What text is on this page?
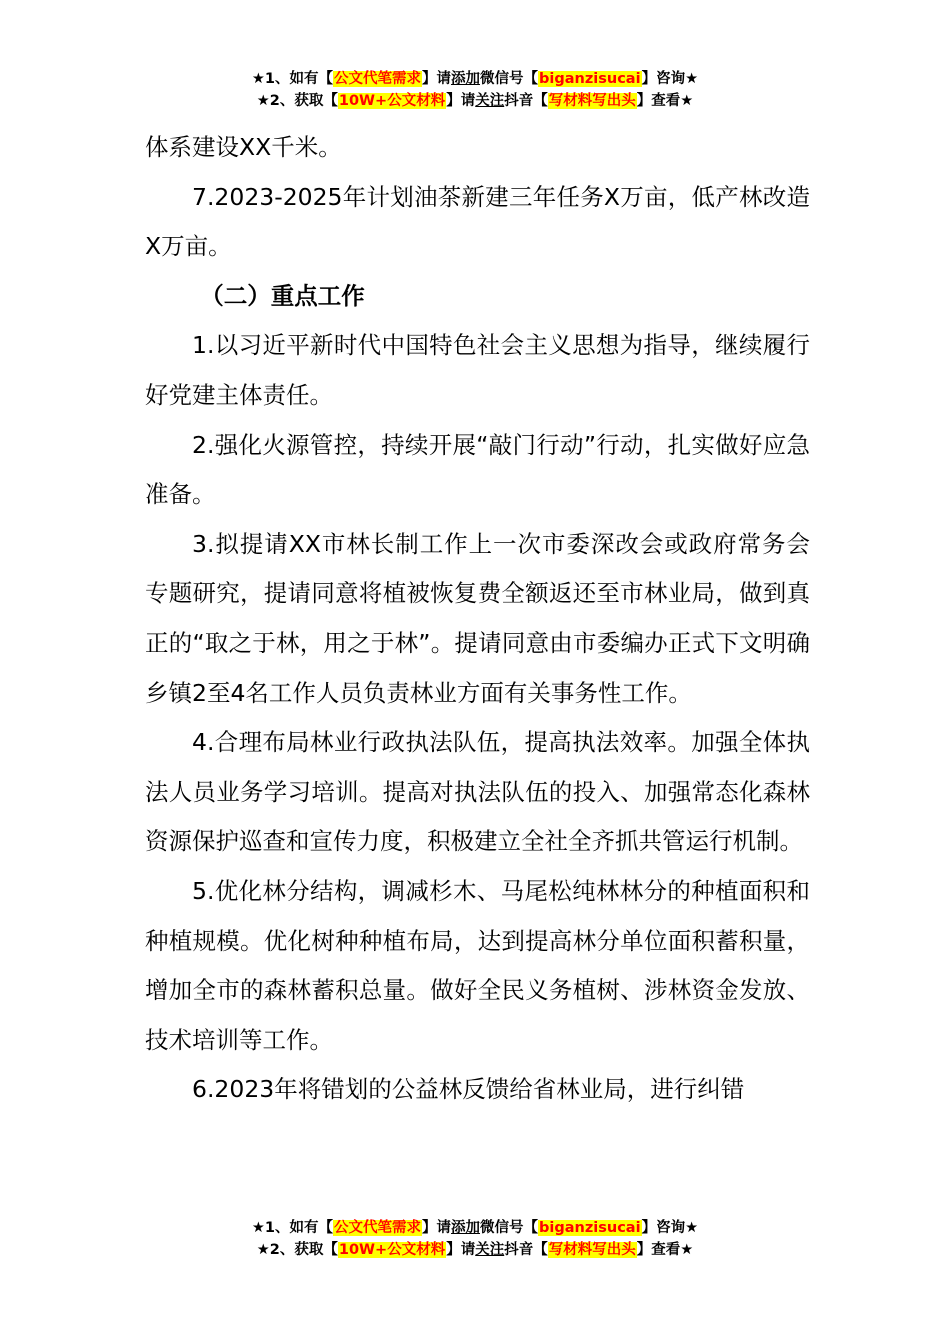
★1、如有【公文代笔需求】请添加微信号【biganzisucai】咨询★
★2、获取【10W+公文材料】请关注抖音【写材料写出头】查看★

体系建设XX千米。

7.2023-2025年计划油茶新建三年任务X万亩，低产林改造X万亩。

（二）重点工作

1.以习近平新时代中国特色社会主义思想为指导，继续履行好党建主体责任。

2.强化火源管控，持续开展“敲门行动”行动，扎实做好应急准备。

3.拟提请XX市林长制工作上一次市委深改会或政府常务会专题研究，提请同意将植被恢复费全额返还至市林业局，做到真正的“取之于林，用之于林”。提请同意由市委编办正式下文明确乡镇2至4名工作人员负责林业方面有关事务性工作。

4.合理布局林业行政执法队伍，提高执法效率。加强全体执法人员业务学习培训。提高对执法队伍的投入、加强常态化森林资源保护巡查和宣传力度，积极建立全社全齐抓共管运行机制。

5.优化林分结构，调减杉木、马尾松纯林林分的种植面积和种植规模。优化树种种植布局，达到提高林分单位面积蓄积量，增加全市的森林蓄积总量。做好全民义务植树、涉林资金发放、技术培训等工作。

6.2023年将错划的公益林反馈给省林业局，进行纠错

★1、如有【公文代笔需求】请添加微信号【biganzisucai】咨询★
★2、获取【10W+公文材料】请关注抖音【写材料写出头】查看★
